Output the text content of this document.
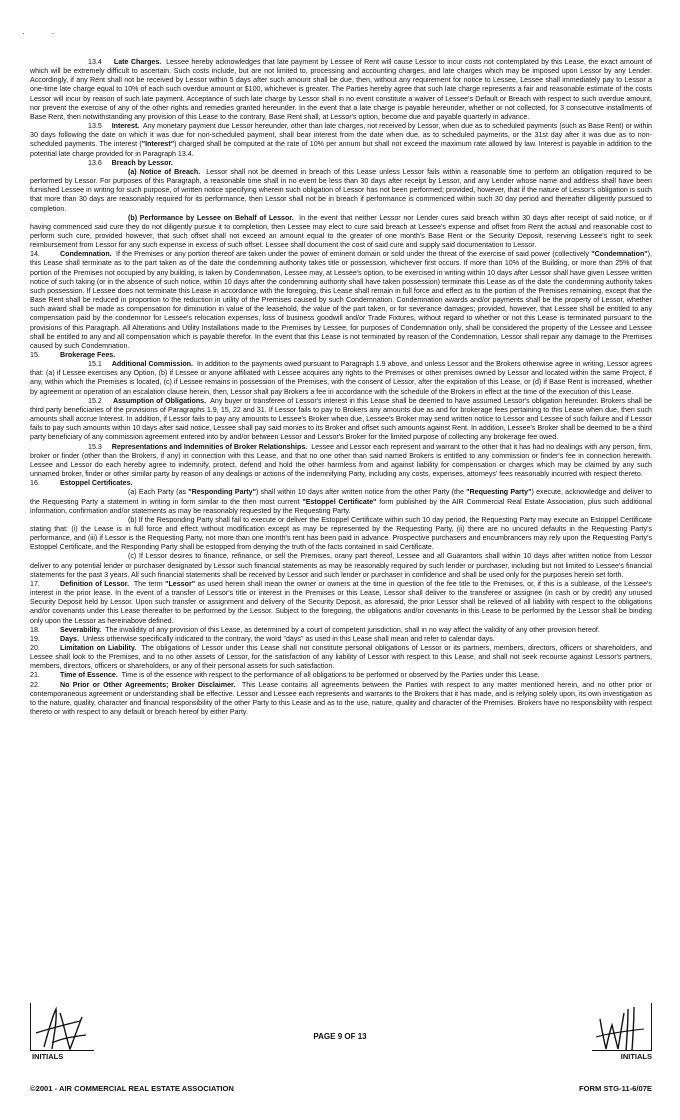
· ·

13.4 Late Charges. Lessee hereby acknowledges that late payment by Lessee of Rent will cause Lessor to incur costs not contemplated by this Lease, the exact amount of which will be extremely difficult to ascertain. Such costs include, but are not limited to, processing and accounting charges, and late charges which may be imposed upon Lessor by any Lender. Accordingly, if any Rent shall not be received by Lessor within 5 days after such amount shall be due, then, without any requirement for notice to Lessee, Lessee shall immediately pay to Lessor a one-time late charge equal to 10% of each such overdue amount or $100, whichever is greater. The Parties hereby agree that such late charge represents a fair and reasonable estimate of the costs Lessor will incur by reason of such late payment. Acceptance of such late charge by Lessor shall in no event constitute a waiver of Lessee's Default or Breach with respect to such overdue amount, nor prevent the exercise of any of the other rights and remedies granted hereunder. In the event that a late charge is payable hereunder, whether or not collected, for 3 consecutive installments of Base Rent, then notwithstanding any provision of this Lease to the contrary, Base Rent shall, at Lessor's option, become due and payable quarterly in advance.

13.5 Interest. Any monetary payment due Lessor hereunder, other than late charges, not received by Lessor, when due as to scheduled payments (such as Base Rent) or within 30 days following the date on which it was due for non-scheduled payment, shall bear interest from the date when due, as to scheduled payments, or the 31st day after it was due as to non-scheduled payments. The interest ("Interest") charged shall be computed at the rate of 10% per annum but shall not exceed the maximum rate allowed by law. Interest is payable in addition to the potential late charge provided for in Paragraph 13.4.

13.6 Breach by Lessor.

(a) Notice of Breach. Lessor shall not be deemed in breach of this Lease unless Lessor fails within a reasonable time to perform an obligation required to be performed by Lessor. For purposes of this Paragraph, a reasonable time shall in no event be less than 30 days after receipt by Lessor, and any Lender whose name and address shall have been furnished Lessee in writing for such purpose, of written notice specifying wherein such obligation of Lessor has not been performed; provided, however, that if the nature of Lessor's obligation is such that more than 30 days are reasonably required for its performance, then Lessor shall not be in breach if performance is commenced within such 30 day period and thereafter diligently pursued to completion.

(b) Performance by Lessee on Behalf of Lessor. In the event that neither Lessor nor Lender cures said breach within 30 days after receipt of said notice, or if having commenced said cure they do not diligently pursue it to completion, then Lessee may elect to cure said breach at Lessee's expense and offset from Rent the actual and reasonable cost to perform such cure, provided however, that such offset shall not exceed an amount equal to the greater of one month's Base Rent or the Security Deposit, reserving Lessee's right to seek reimbursement from Lessor for any such expense in excess of such offset. Lessee shall document the cost of said cure and supply said documentation to Lessor.

14.	Condemnation. If the Premises or any portion thereof are taken under the power of eminent domain or sold under the threat of the exercise of said power (collectively "Condemnation"), this Lease shall terminate as to the part taken as of the date the condemning authority takes title or possession, whichever first occurs. If more than 10% of the Building, or more than 25% of that portion of the Premises not occupied by any building, is taken by Condemnation, Lessee may, at Lessee's option, to be exercised in writing within 10 days after Lessor shall have given Lessee written notice of such taking (or in the absence of such notice, within 10 days after the condemning authority shall have taken possession) terminate this Lease as of the date the condemning authority takes such possession. If Lessee does not terminate this Lease in accordance with the foregoing, this Lease shall remain in full force and effect as to the portion of the Premises remaining, except that the Base Rent shall be reduced in proportion to the reduction in utility of the Premises caused by such Condemnation. Condemnation awards and/or payments shall be the property of Lessor, whether such award shall be made as compensation for diminution in value of the leasehold, the value of the part taken, or for severance damages; provided, however, that Lessee shall be entitled to any compensation paid by the condemnor for Lessee's relocation expenses, loss of business goodwill and/or Trade Fixtures, without regard to whether or not this Lease is terminated pursuant to the provisions of this Paragraph. All Alterations and Utility Installations made to the Premises by Lessee, for purposes of Condemnation only, shall be considered the property of the Lessee and Lessee shall be entitled to any and all compensation which is payable therefor. In the event that this Lease is not terminated by reason of the Condemnation, Lessor shall repair any damage to the Premises caused by such Condemnation.

15.	Brokerage Fees.

15.1 Additional Commission. In addition to the payments owed pursuant to Paragraph 1.9 above, and unless Lessor and the Brokers otherwise agree in writing, Lessor agrees that: (a) if Lessee exercises any Option, (b) if Lessee or anyone affiliated with Lessee acquires any rights to the Premises or other premises owned by Lessor and located within the same Project, if any, within which the Premises is located, (c) if Lessee remains in possession of the Premises, with the consent of Lessor, after the expiration of this Lease, or (d) if Base Rent is increased, whether by agreement or operation of an escalation clause herein, then, Lessor shall pay Brokers a fee in accordance with the schedule of the Brokers in effect at the time of the execution of this Lease.

15.2 Assumption of Obligations. Any buyer or transferee of Lessor's interest in this Lease shall be deemed to have assumed Lessor's obligation hereunder. Brokers shall be third party beneficiaries of the provisions of Paragraphs 1.9, 15, 22 and 31. If Lessor fails to pay to Brokers any amounts due as and for brokerage fees pertaining to this Lease when due, then such amounts shall accrue Interest. In addition, if Lessor fails to pay any amounts to Lessee's Broker when due, Lessee's Broker may send written notice to Lessor and Lessee of such failure and if Lessor fails to pay such amounts within 10 days after said notice, Lessee shall pay said monies to its Broker and offset such amounts against Rent. In addition, Lessee's Broker shall be deemed to be a third party beneficiary of any commission agreement entered into by and/or between Lessor and Lessor's Broker for the limited purpose of collecting any brokerage fee owed.

15.3 Representations and Indemnities of Broker Relationships. Lessee and Lessor each represent and warrant to the other that it has had no dealings with any person, firm, broker or finder (other than the Brokers, if any) in connection with this Lease, and that no one other than said named Brokers is entitled to any commission or finder's fee in connection herewith. Lessee and Lessor do each hereby agree to indemnify, protect, defend and hold the other harmless from and against liability for compensation or charges which may be claimed by any such unnamed broker, finder or other similar party by reason of any dealings or actions of the indemnifying Party, including any costs, expenses, attorneys' fees reasonably incurred with respect thereto.

16.	Estoppel Certificates.

(a) Each Party (as "Responding Party") shall within 10 days after written notice from the other Party (the "Requesting Party") execute, acknowledge and deliver to the Requesting Party a statement in writing in form similar to the then most current "Estoppel Certificate" form published by the AIR Commercial Real Estate Association, plus such additional information, confirmation and/or statements as may be reasonably requested by the Requesting Party.

(b) If the Responding Party shall fail to execute or deliver the Estoppel Certificate within such 10 day period, the Requesting Party may execute an Estoppel Certificate stating that: (i) the Lease is in full force and effect without modification except as may be represented by the Requesting Party, (ii) there are no uncured defaults in the Requesting Party's performance, and (iii) if Lessor is the Requesting Party, not more than one month's rent has been paid in advance. Prospective purchasers and encumbrancers may rely upon the Requesting Party's Estoppel Certificate, and the Responding Party shall be estopped from denying the truth of the facts contained in said Certificate.

(c) If Lessor desires to finance, refinance, or sell the Premises, orany part thereof, Lessee and all Guarantors shall within 10 days after written notice from Lessor deliver to any potential lender or purchaser designated by Lessor such financial statements as may be reasonably required by such lender or purchaser, including but not limited to Lessee's financial statements for the past 3 years. All such financial statements shall be received by Lessor and such lender or purchaser in confidence and shall be used only for the purposes herein set forth.

17.	Definition of Lessor. The term "Lessor" as used herein shall mean the owner or owners at the time in question of the fee title to the Premises, or, if this is a sublease, of the Lessee's interest in the prior lease. In the event of a transfer of Lessor's title or interest in the Premises or this Lease, Lessor shall deliver to the transferee or assignee (in cash or by credit) any unused Security Deposit held by Lessor. Upon such transfer or assignment and delivery of the Security Deposit, as aforesaid, the prior Lessor shall be relieved of all liability with respect to the obligations and/or covenants under this Lease thereafter to be performed by the Lessor. Subject to the foregoing, the obligations and/or covenants in this Lease to be performed by the Lessor shall be binding only upon the Lessor as hereinabove defined.

18.	Severability. The invalidity of any provision of this Lease, as determined by a court of competent jurisdiction, shall in no way affect the validity of any other provision hereof.

19.	Days. Unless otherwise specifically indicated to the contrary, the word "days" as used in this Lease shall mean and refer to calendar days.

20.	Limitation on Liability. The obligations of Lessor under this Lease shall not constitute personal obligations of Lessor or its partners, members, directors, officers or shareholders, and Lessee shall look to the Premises, and to no other assets of Lessor, for the satisfaction of any liability of Lessor with respect to this Lease, and shall not seek recourse against Lessor's partners, members, directors, officers or shareholders, or any of their personal assets for such satisfaction.

21.	Time of Essence. Time is of the essence with respect to the performance of all obligations to be performed or observed by the Parties under this Lease.

22.	No Prior or Other Agreements; Broker Disclaimer. This Lease contains all agreements between the Parties with respect to any matter mentioned herein, and no other prior or contemporaneous agreement or understanding shall be effective. Lessor and Lessee each represents and warrants to the Brokers that it has made, and is relying solely upon, its own investigation as to the nature, quality, character and financial responsibility of the other Party to this Lease and as to the use, nature, quality and character of the Premises. Brokers have no responsibility with respect thereto or with respect to any default or breach hereof by either Party.

INITIALS
PAGE 9 OF 13
INITIALS
©2001 - AIR COMMERCIAL REAL ESTATE ASSOCIATION	FORM STG-11-6/07E
